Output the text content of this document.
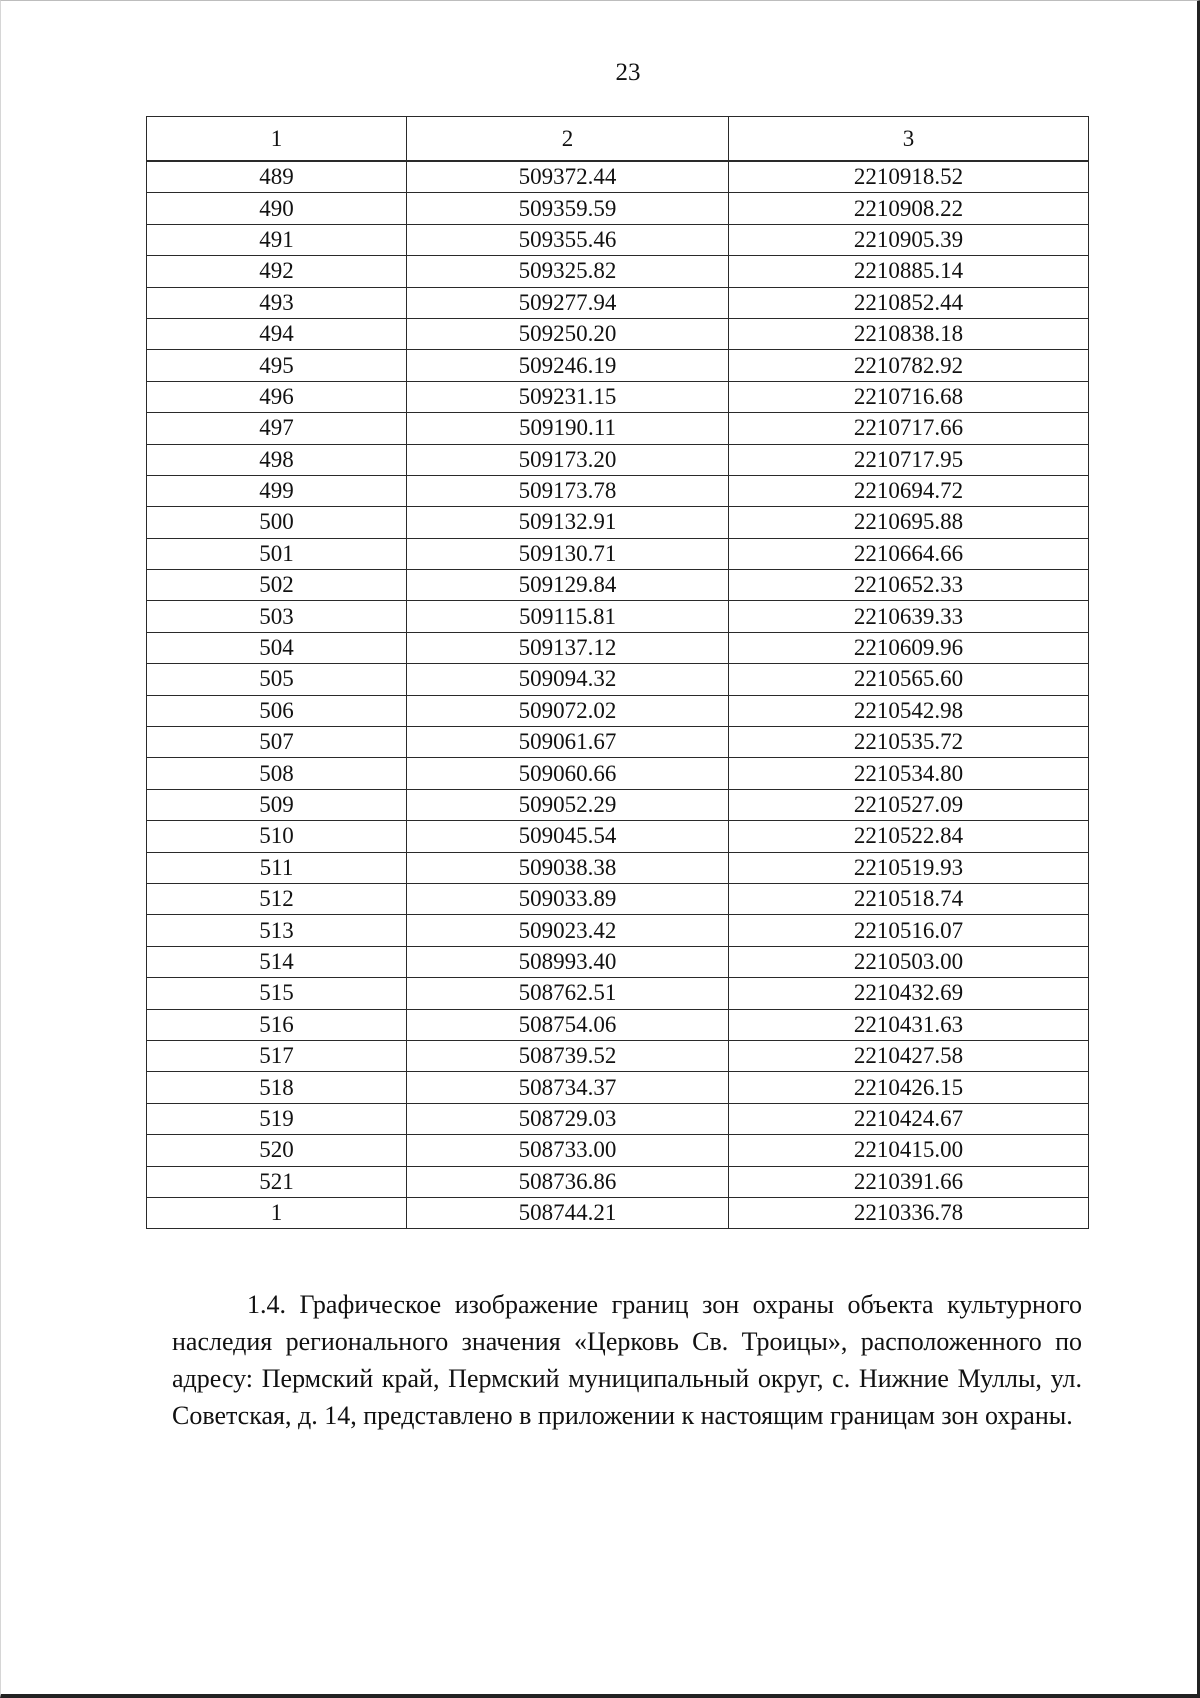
23
1	2	3
489	509372.44	2210918.52
490	509359.59	2210908.22
491	509355.46	2210905.39
492	509325.82	2210885.14
493	509277.94	2210852.44
494	509250.20	2210838.18
495	509246.19	2210782.92
496	509231.15	2210716.68
497	509190.11	2210717.66
498	509173.20	2210717.95
499	509173.78	2210694.72
500	509132.91	2210695.88
501	509130.71	2210664.66
502	509129.84	2210652.33
503	509115.81	2210639.33
504	509137.12	2210609.96
505	509094.32	2210565.60
506	509072.02	2210542.98
507	509061.67	2210535.72
508	509060.66	2210534.80
509	509052.29	2210527.09
510	509045.54	2210522.84
511	509038.38	2210519.93
512	509033.89	2210518.74
513	509023.42	2210516.07
514	508993.40	2210503.00
515	508762.51	2210432.69
516	508754.06	2210431.63
517	508739.52	2210427.58
518	508734.37	2210426.15
519	508729.03	2210424.67
520	508733.00	2210415.00
521	508736.86	2210391.66
1	508744.21	2210336.78

1.4. Графическое изображение границ зон охраны объекта культурного наследия регионального значения «Церковь Св. Троицы», расположенного по адресу: Пермский край, Пермский муниципальный округ, с. Нижние Муллы, ул. Советская, д. 14, представлено в приложении к настоящим границам зон охраны.
